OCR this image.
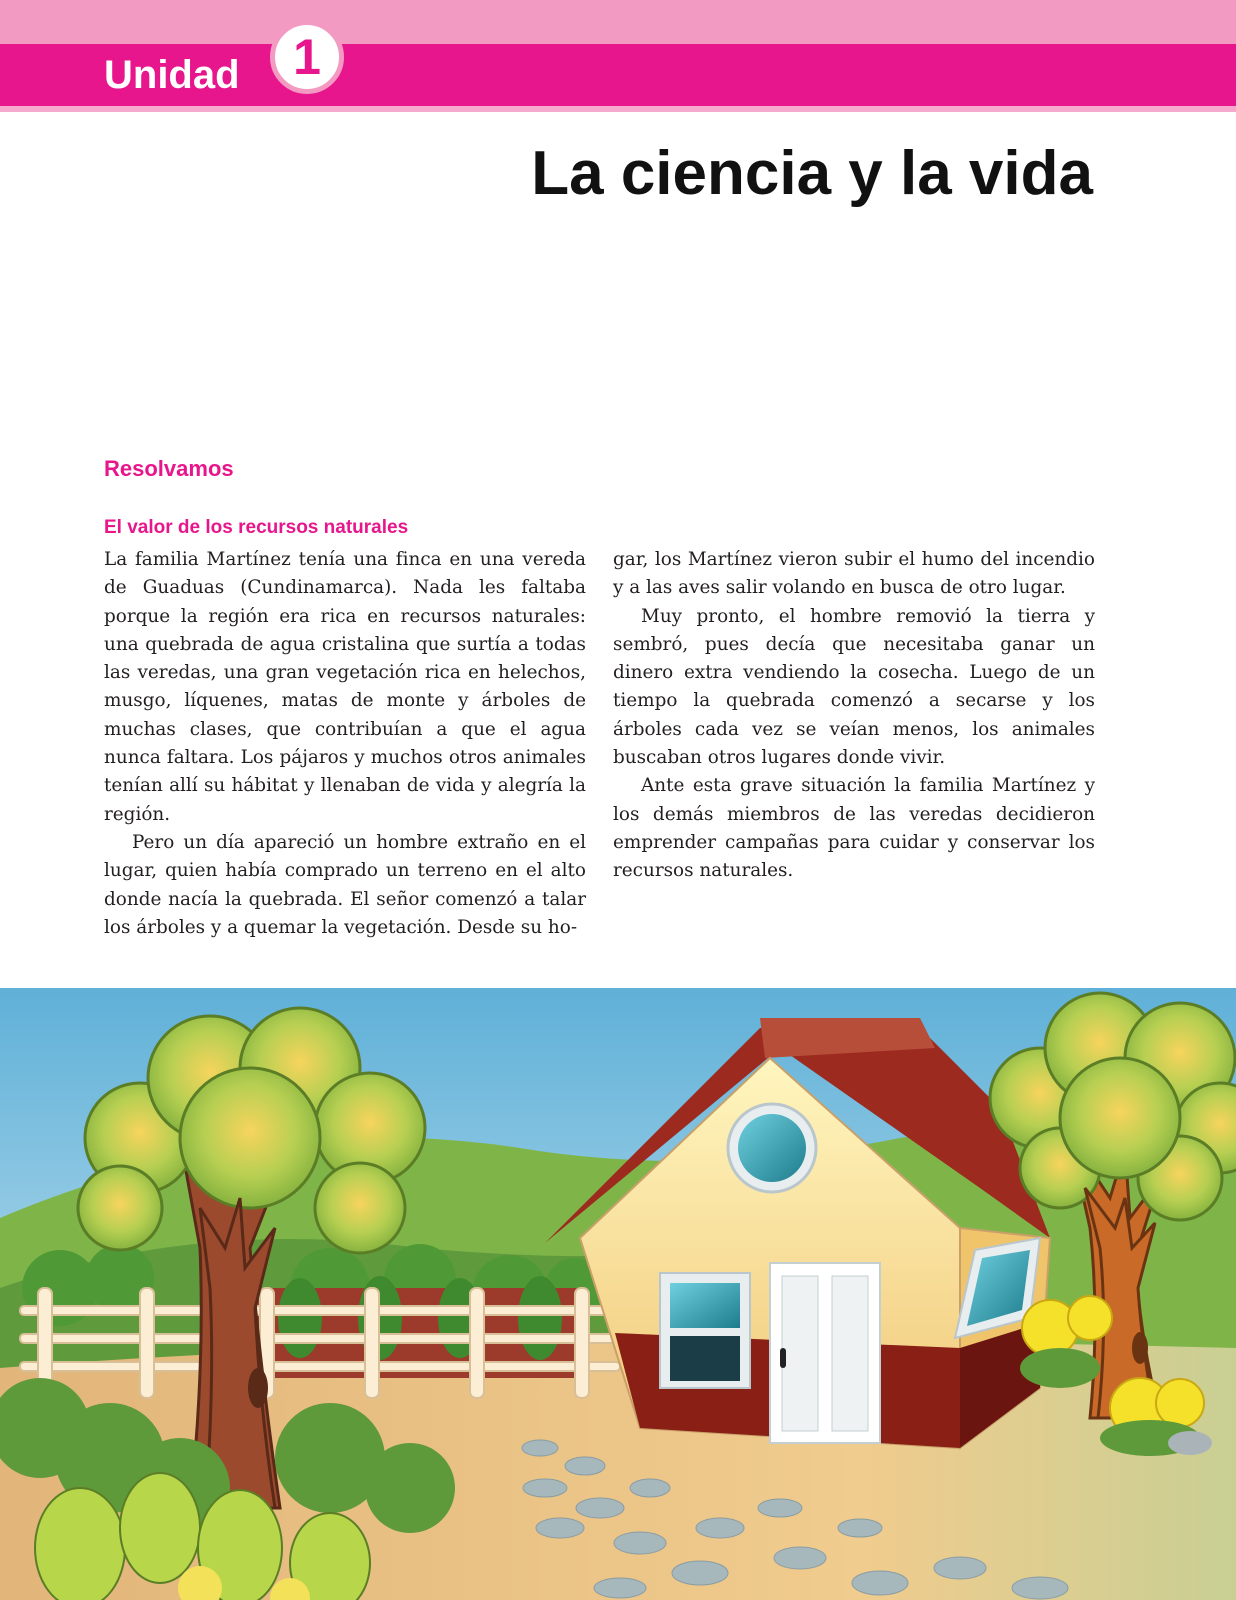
Unidad	1
La ciencia y la vida
Resolvamos
El valor de los recursos naturales

La familia Martínez tenía una finca en una vereda de Guaduas (Cundinamarca). Nada les faltaba porque la región era rica en recursos naturales: una quebrada de agua cristalina que surtía a todas las veredas, una gran vegetación rica en helechos, musgo, líquenes, matas de monte y árboles de muchas clases, que contribuían a que el agua nunca faltara. Los pájaros y muchos otros animales tenían allí su hábitat y llenaban de vida y alegría la región.

Pero un día apareció un hombre extraño en el lugar, quien había comprado un terreno en el alto donde nacía la quebrada. El señor comenzó a talar los árboles y a quemar la vegetación. Desde su ho-

gar, los Martínez vieron subir el humo del incendio y a las aves salir volando en busca de otro lugar.

Muy pronto, el hombre removió la tierra y sembró, pues decía que necesitaba ganar un dinero extra vendiendo la cosecha. Luego de un tiempo la quebrada comenzó a secarse y los árboles cada vez se veían menos, los animales buscaban otros lugares donde vivir.

Ante esta grave situación la familia Martínez y los demás miembros de las veredas decidieron emprender campañas para cuidar y conservar los recursos naturales.
